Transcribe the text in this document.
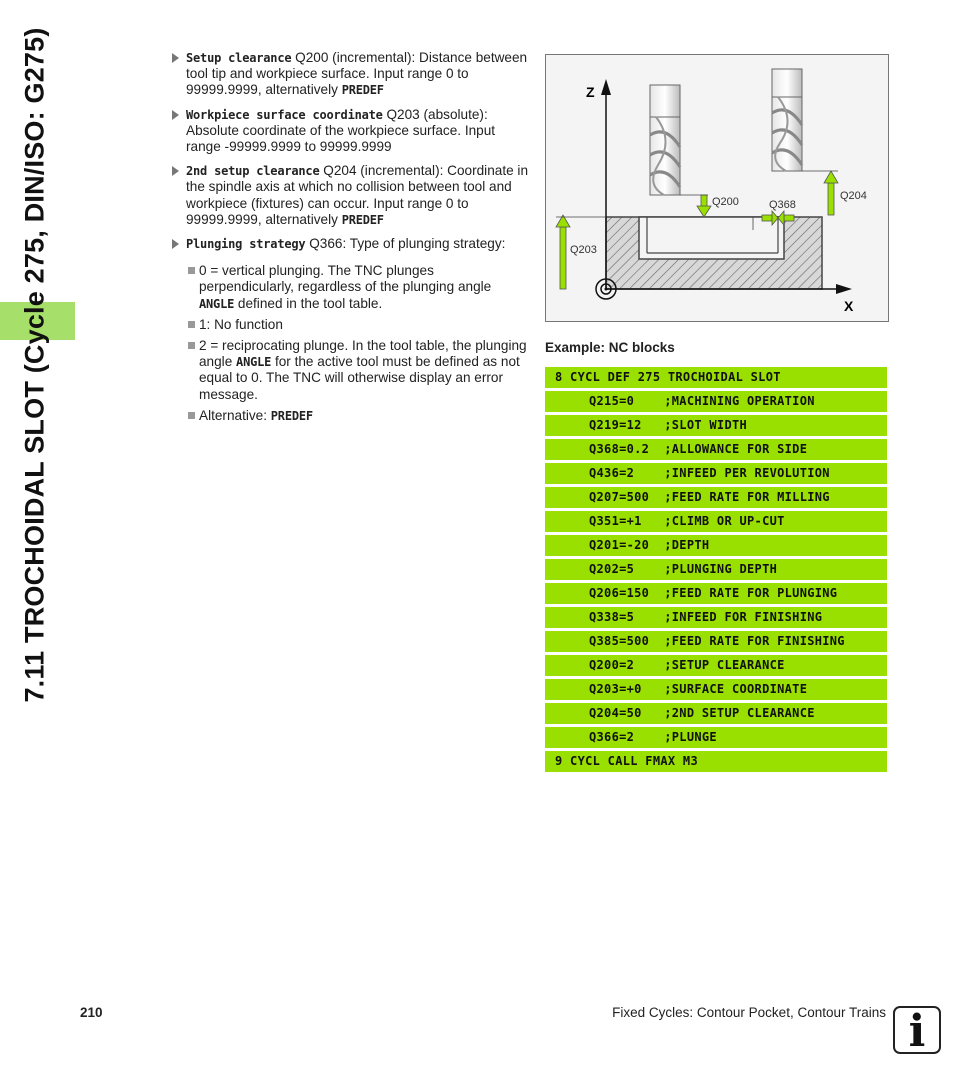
7.11 TROCHOIDAL SLOT (Cycle 275, DIN/ISO: G275)	Setup clearance Q200 (incremental): Distance between tool tip and workpiece surface. Input range 0 to 99999.9999, alternatively PREDEF
Workpiece surface coordinate Q203 (absolute): Absolute coordinate of the workpiece surface. Input range -99999.9999 to 99999.9999
2nd setup clearance Q204 (incremental): Coordinate in the spindle axis at which no collision between tool and workpiece (fixtures) can occur. Input range 0 to 99999.9999, alternatively PREDEF
Plunging strategy Q366: Type of plunging strategy:
0 = vertical plunging. The TNC plunges perpendicularly, regardless of the plunging angle ANGLE defined in the tool table.
1: No function
2 = reciprocating plunge. In the tool table, the plunging angle ANGLE for the active tool must be defined as not equal to 0. The TNC will otherwise display an error message.
Alternative: PREDEF
Z
X
Q200	Q368
Q204
Q203
Example: NC blocks
8 CYCL DEF 275 TROCHOIDAL SLOT
Q215=0    ;MACHINING OPERATION
Q219=12   ;SLOT WIDTH
Q368=0.2  ;ALLOWANCE FOR SIDE
Q436=2    ;INFEED PER REVOLUTION
Q207=500  ;FEED RATE FOR MILLING
Q351=+1   ;CLIMB OR UP-CUT
Q201=-20  ;DEPTH
Q202=5    ;PLUNGING DEPTH
Q206=150  ;FEED RATE FOR PLUNGING
Q338=5    ;INFEED FOR FINISHING
Q385=500  ;FEED RATE FOR FINISHING
Q200=2    ;SETUP CLEARANCE
Q203=+0   ;SURFACE COORDINATE
Q204=50   ;2ND SETUP CLEARANCE
Q366=2    ;PLUNGE
9 CYCL CALL FMAX M3
210	Fixed Cycles: Contour Pocket, Contour Trains i
